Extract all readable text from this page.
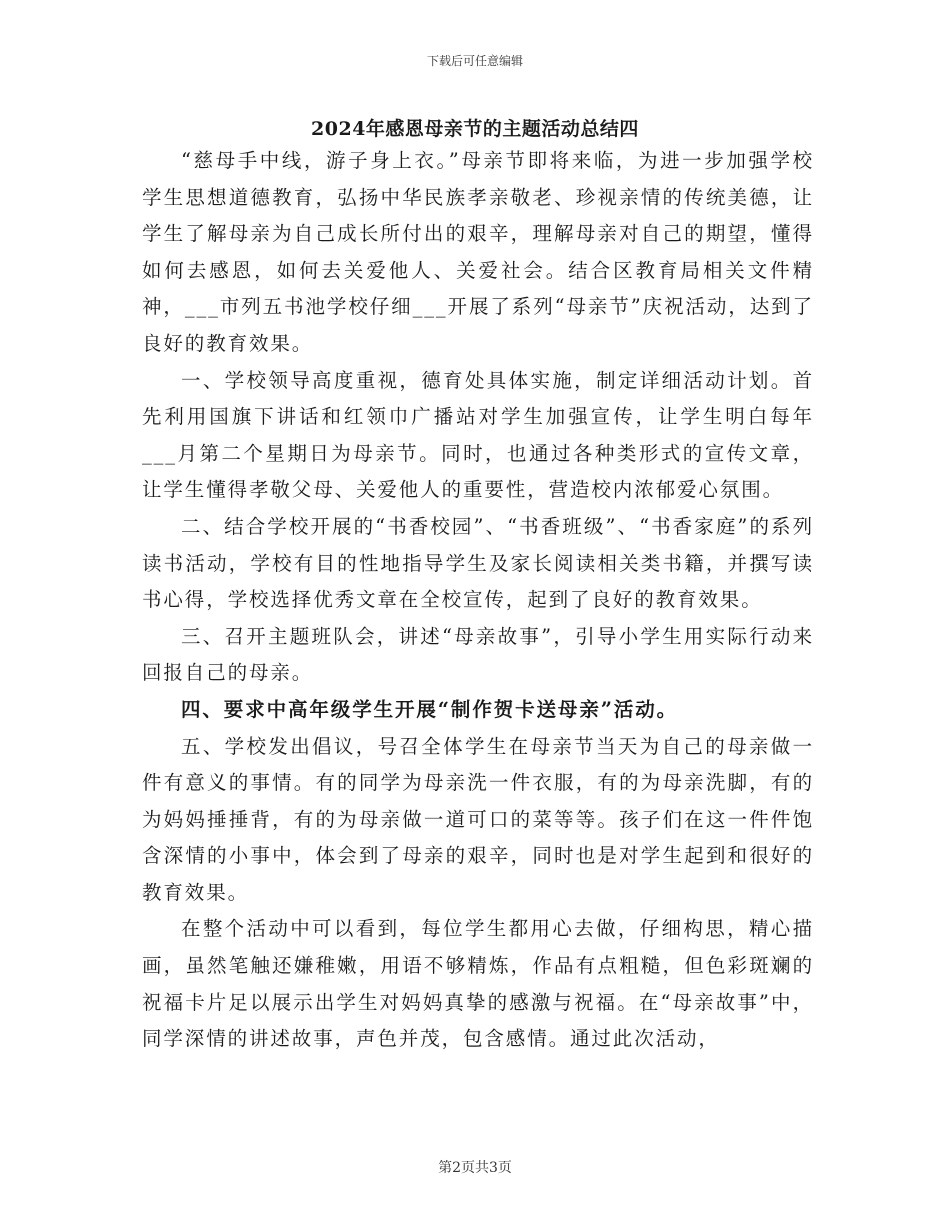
下载后可任意编辑
2024年感恩母亲节的主题活动总结四

“慈母手中线，游子身上衣。”母亲节即将来临，为进一步加强学校学生思想道德教育，弘扬中华民族孝亲敬老、珍视亲情的传统美德，让学生了解母亲为自己成长所付出的艰辛，理解母亲对自己的期望，懂得如何去感恩，如何去关爱他人、关爱社会。结合区教育局相关文件精神，___市列五书池学校仔细___开展了系列“母亲节”庆祝活动，达到了良好的教育效果。

一、学校领导高度重视，德育处具体实施，制定详细活动计划。首先利用国旗下讲话和红领巾广播站对学生加强宣传，让学生明白每年___月第二个星期日为母亲节。同时，也通过各种类形式的宣传文章，让学生懂得孝敬父母、关爱他人的重要性，营造校内浓郁爱心氛围。

二、结合学校开展的“书香校园”、“书香班级”、“书香家庭”的系列读书活动，学校有目的性地指导学生及家长阅读相关类书籍，并撰写读书心得，学校选择优秀文章在全校宣传，起到了良好的教育效果。

三、召开主题班队会，讲述“母亲故事”，引导小学生用实际行动来回报自己的母亲。

四、要求中高年级学生开展“制作贺卡送母亲”活动。

五、学校发出倡议，号召全体学生在母亲节当天为自己的母亲做一件有意义的事情。有的同学为母亲洗一件衣服，有的为母亲洗脚，有的为妈妈捶捶背，有的为母亲做一道可口的菜等等。孩子们在这一件件饱含深情的小事中，体会到了母亲的艰辛，同时也是对学生起到和很好的教育效果。

在整个活动中可以看到，每位学生都用心去做，仔细构思，精心描画，虽然笔触还嫌稚嫩，用语不够精炼，作品有点粗糙，但色彩斑斓的祝福卡片足以展示出学生对妈妈真挚的感激与祝福。在“母亲故事”中，同学深情的讲述故事，声色并茂，包含感情。通过此次活动，

第2页共3页
